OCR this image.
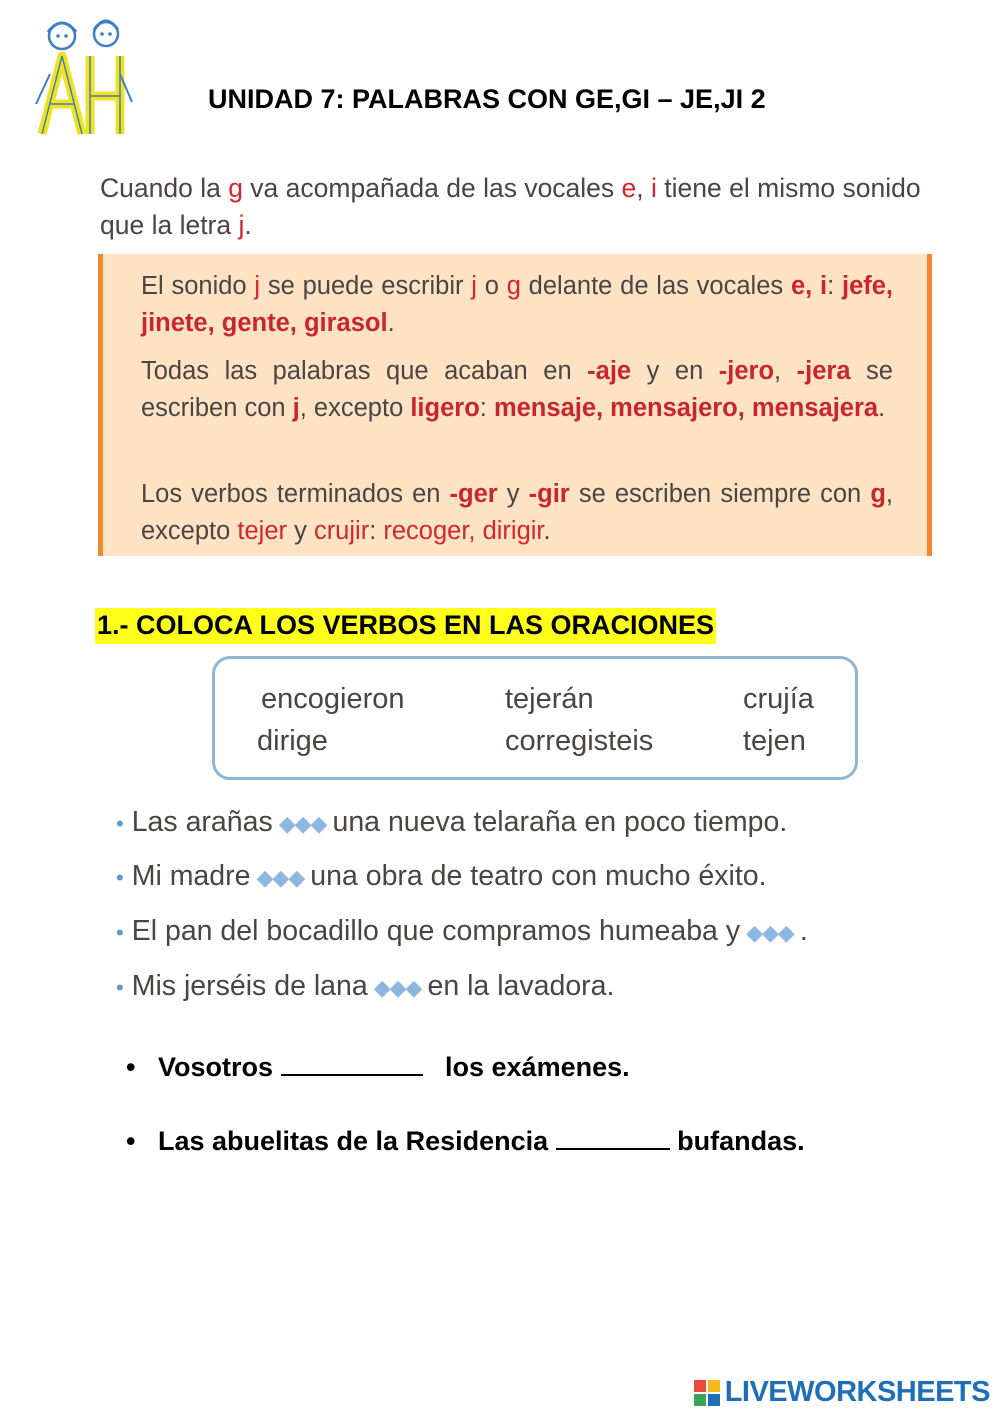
UNIDAD 7: PALABRAS CON GE,GI – JE,JI 2
Cuando la g va acompañada de las vocales e, i tiene el mismo sonido que la letra j.
El sonido j se puede escribir j o g delante de las vocales e, i: jefe, jinete, gente, girasol.
Todas las palabras que acaban en -aje y en -jero, -jera se escriben con j, excepto ligero: mensaje, mensajero, mensajera.
Los verbos terminados en -ger y -gir se escriben siempre con g, excepto tejer y crujir: recoger, dirigir.
1.- COLOCA LOS VERBOS EN LAS ORACIONES
encogieron	tejerán	crujía
dirige	corregisteis	tejen
• Las arañas ◆◆◆ una nueva telaraña en poco tiempo.
• Mi madre ◆◆◆ una obra de teatro con mucho éxito.
• El pan del bocadillo que compramos humeaba y ◆◆◆ .
• Mis jerséis de lana ◆◆◆ en la lavadora.
• Vosotros	los exámenes.
• Las abuelitas de la Residencia	bufandas.
LIVEWORKSHEETS
